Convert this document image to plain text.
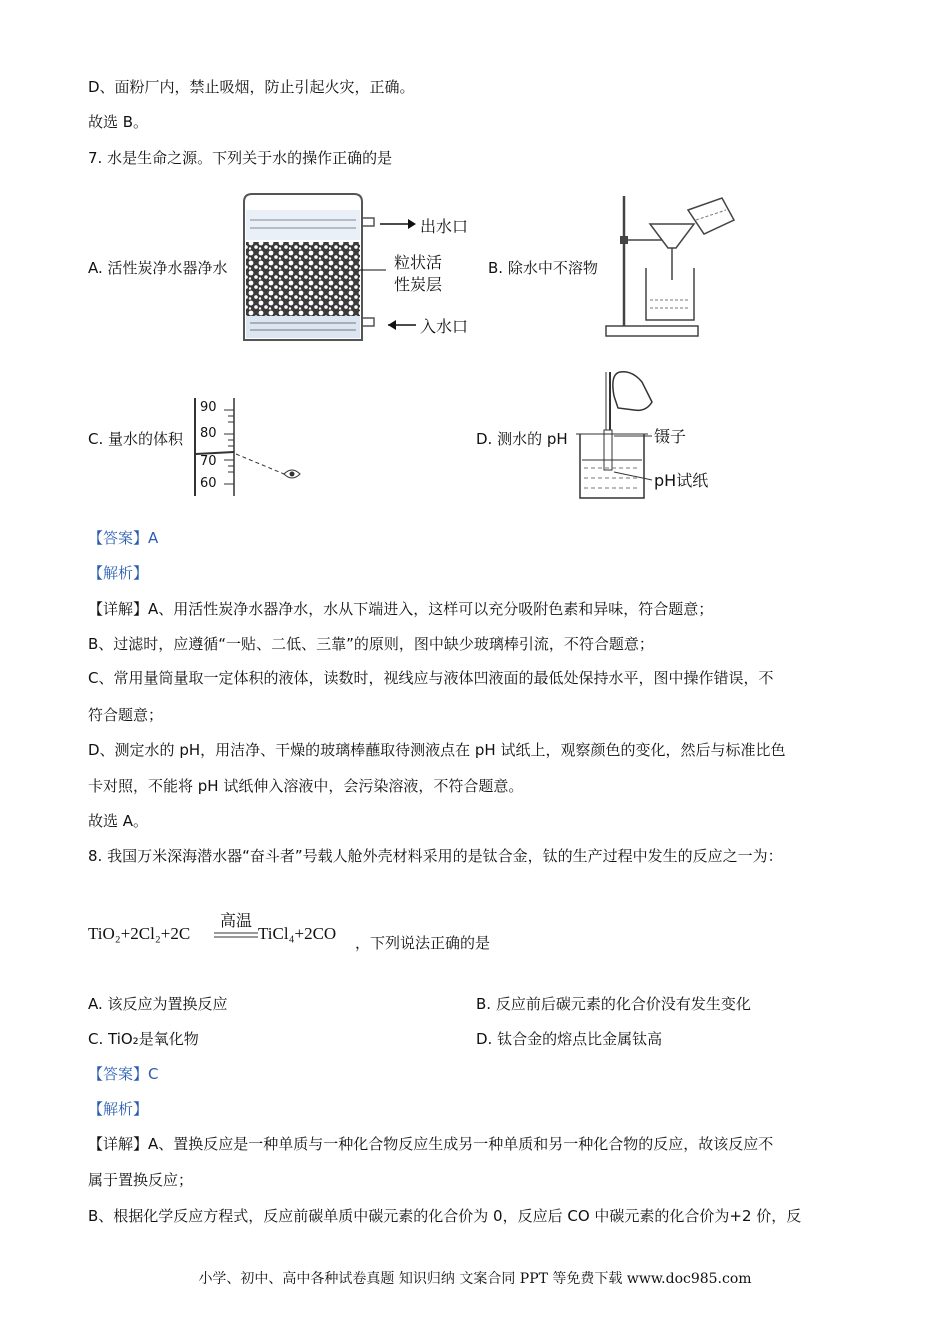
D、面粉厂内，禁止吸烟，防止引起火灾，正确。
故选 B。
7. 水是生命之源。下列关于水的操作正确的是
A. 活性炭净水器净水	B. 除水中不溶物
C. 量水的体积	D. 测水的 pH
出水口
粒状活
性炭层
入水口
90
80
70
60
镊子
pH试纸
【答案】A
【解析】
【详解】A、用活性炭净水器净水，水从下端进入，这样可以充分吸附色素和异味，符合题意；
B、过滤时，应遵循“一贴、二低、三靠”的原则，图中缺少玻璃棒引流，不符合题意；
C、常用量筒量取一定体积的液体，读数时，视线应与液体凹液面的最低处保持水平，图中操作错误，不
符合题意；
D、测定水的 pH，用洁净、干燥的玻璃棒蘸取待测液点在 pH 试纸上，观察颜色的变化，然后与标准比色
卡对照，不能将 pH 试纸伸入溶液中，会污染溶液，不符合题意。
故选 A。
8. 我国万米深海潜水器“奋斗者”号载人舱外壳材料采用的是钛合金，钛的生产过程中发生的反应之一为：
TiO₂+2Cl₂+2C
高温
TiCl₄+2CO ，下列说法正确的是
A. 该反应为置换反应	B. 反应前后碳元素的化合价没有发生变化
C. TiO₂是氧化物	D. 钛合金的熔点比金属钛高
【答案】C
【解析】
【详解】A、置换反应是一种单质与一种化合物反应生成另一种单质和另一种化合物的反应，故该反应不
属于置换反应；
B、根据化学反应方程式，反应前碳单质中碳元素的化合价为 0，反应后 CO 中碳元素的化合价为+2 价，反
小学、初中、高中各种试卷真题 知识归纳 文案合同 PPT 等免费下载 www.doc985.com
